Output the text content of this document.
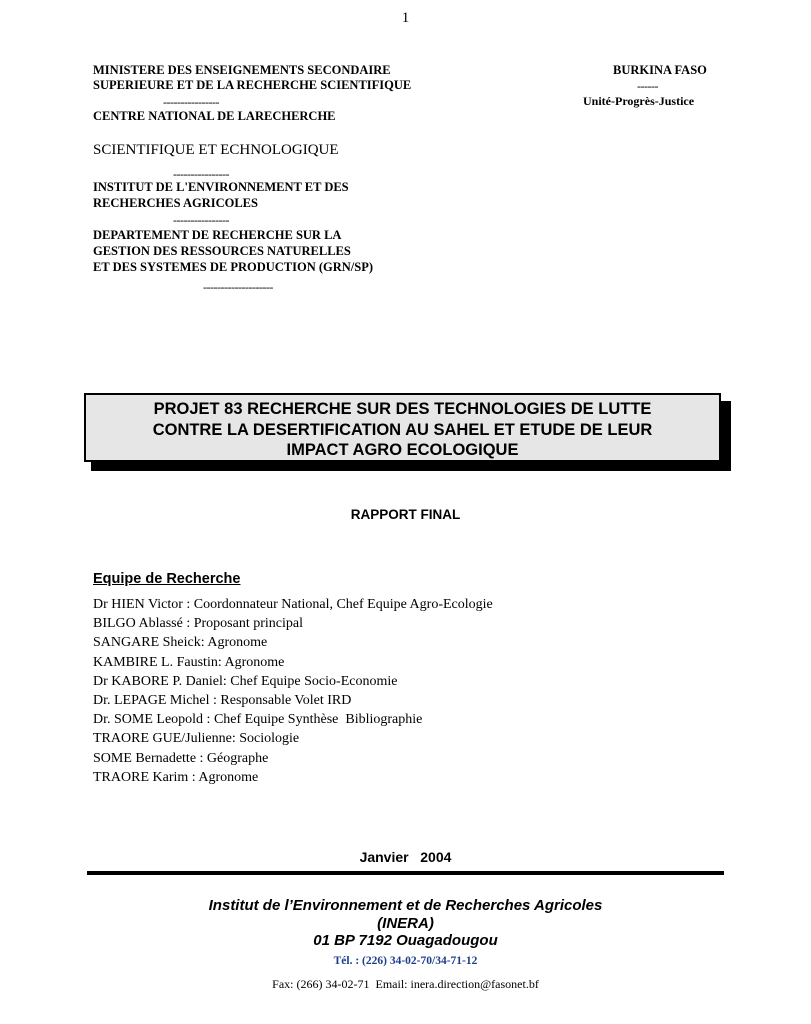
1
MINISTERE DES ENSEIGNEMENTS SECONDAIRE
SUPERIEURE ET DE LA RECHERCHE SCIENTIFIQUE
----------------
CENTRE NATIONAL DE LARECHERCHE
SCIENTIFIQUE ET ECHNOLOGIQUE
----------------
INSTITUT DE L'ENVIRONNEMENT ET DES
RECHERCHES AGRICOLES
----------------
DEPARTEMENT DE RECHERCHE SUR LA
GESTION DES RESSOURCES NATURELLES
ET DES SYSTEMES DE PRODUCTION (GRN/SP)
--------------------
BURKINA FASO
------
Unité-Progrès-Justice
PROJET 83 RECHERCHE SUR DES TECHNOLOGIES DE LUTTE
CONTRE LA DESERTIFICATION AU SAHEL ET ETUDE DE LEUR
IMPACT AGRO ECOLOGIQUE
RAPPORT FINAL
Equipe de Recherche
Dr HIEN Victor : Coordonnateur National, Chef Equipe Agro-Ecologie
BILGO Ablassé : Proposant principal
SANGARE Sheick: Agronome
KAMBIRE L. Faustin: Agronome
Dr KABORE P. Daniel: Chef Equipe Socio-Economie
Dr. LEPAGE Michel : Responsable Volet IRD
Dr. SOME Leopold : Chef Equipe Synthèse  Bibliographie
TRAORE GUE/Julienne: Sociologie
SOME Bernadette : Géographe
TRAORE Karim : Agronome
Janvier   2004
Institut de l’Environnement et de Recherches Agricoles
(INERA)
01 BP 7192 Ouagadougou
Tél. : (226) 34-02-70/34-71-12
Fax: (266) 34-02-71  Email: inera.direction@fasonet.bf
